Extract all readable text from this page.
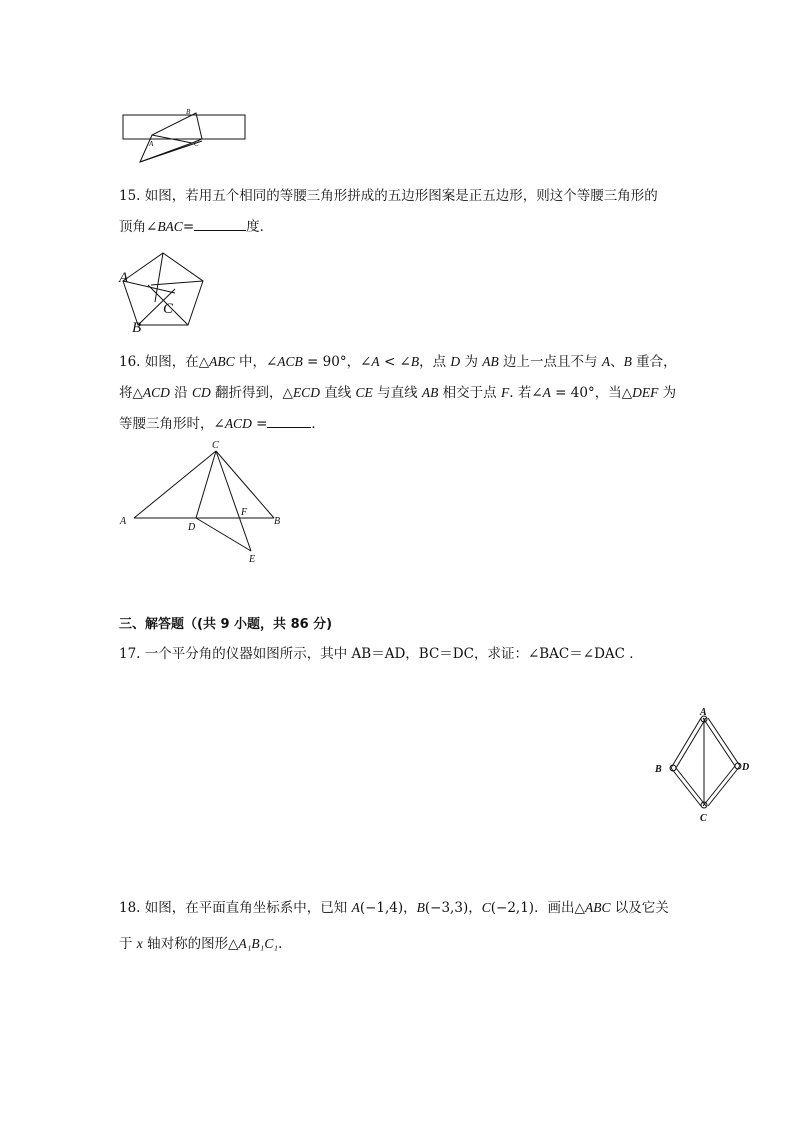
B
A	C
15. 如图，若用五个相同的等腰三角形拼成的五边形图案是正五边形，则这个等腰三角形的
顶角∠BAC=	度．
A
B
C
16. 如图，在△ABC 中，∠ACB = 90°，∠A < ∠B，点 D 为 AB 边上一点且不与 A、B 重合，
将△ACD 沿 CD 翻折得到，△ECD 直线 CE 与直线 AB 相交于点 F. 若∠A = 40°，当△DEF 为
等腰三角形时，∠ACD =	．
C
A	B
D
F
E
三、解答题（(共 9 小题，共 86 分)
17. 一个平分角的仪器如图所示，其中 AB＝AD，BC＝DC，求证：∠BAC＝∠DAC ．
A
B	D
C
18. 如图，在平面直角坐标系中，已知 A(−1,4)，B(−3,3)，C(−2,1)．画出△ABC 以及它关
于 x 轴对称的图形△A₁B₁C₁.
